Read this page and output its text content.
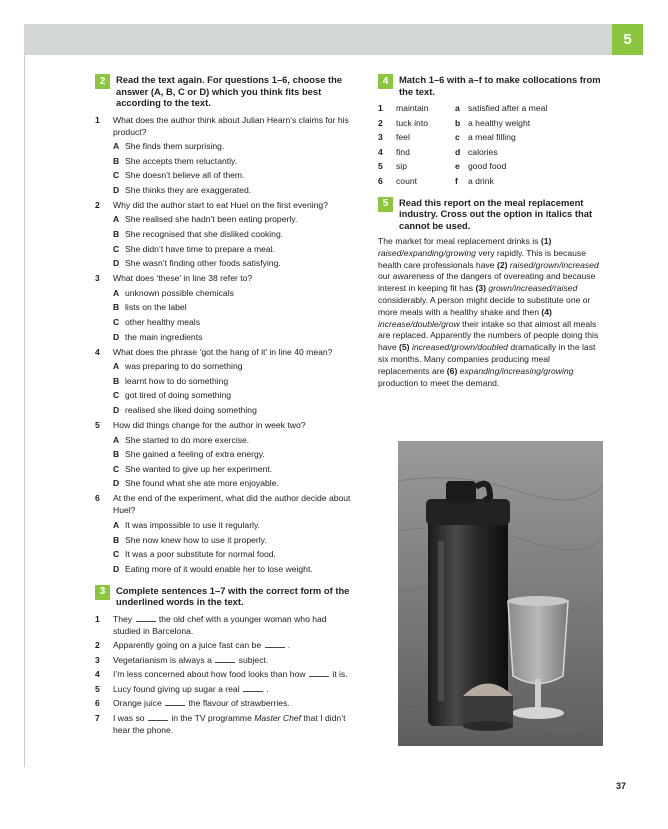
5
2 Read the text again. For questions 1–6, choose the answer (A, B, C or D) which you think fits best according to the text.
1	What does the author think about Julian Hearn’s claims for his product?
A She finds them surprising.
B She accepts them reluctantly.
C She doesn’t believe all of them.
D She thinks they are exaggerated.
2	Why did the author start to eat Huel on the first evening?
A She realised she hadn’t been eating properly.
B She recognised that she disliked cooking.
C She didn’t have time to prepare a meal.
D She wasn’t finding other foods satisfying.
3	What does ‘these’ in line 38 refer to?
A unknown possible chemicals
B lists on the label
C other healthy meals
D the main ingredients
4	What does the phrase ‘got the hang of it’ in line 40 mean?
A was preparing to do something
B learnt how to do something
C got tired of doing something
D realised she liked doing something
5	How did things change for the author in week two?
A She started to do more exercise.
B She gained a feeling of extra energy.
C She wanted to give up her experiment.
D She found what she ate more enjoyable.
6	At the end of the experiment, what did the author decide about Huel?
A It was impossible to use it regularly.
B She now knew how to use it properly.
C It was a poor substitute for normal food.
D Eating more of it would enable her to lose weight.
3 Complete sentences 1–7 with the correct form of the underlined words in the text.
1	They	the old chef with a younger woman who had studied in Barcelona.
2	Apparently going on a juice fast can be	.
3	Vegetarianism is always a	subject.
4	I’m less concerned about how food looks than how	it is.
5	Lucy found giving up sugar a real	.
6	Orange juice	the flavour of strawberries.
7	I was so	in the TV programme Master Chef that I didn’t hear the phone.
4 Match 1–6 with a–f to make collocations from the text.
1	maintain	a satisfied after a meal
2	tuck into	b a healthy weight
3	feel	c a meal filling
4	find	d calories
5	sip	e good food
6	count	f	a drink
5 Read this report on the meal replacement industry. Cross out the option in italics that cannot be used.
The market for meal replacement drinks is (1) raised/expanding/growing very rapidly. This is because health care professionals have (2) raised/grown/increased our awareness of the dangers of overeating and because interest in keeping fit has (3) grown/increased/raised considerably. A person might decide to substitute one or more meals with a healthy shake and then (4) increase/double/grow their intake so that almost all meals are replaced. Apparently the numbers of people doing this have (5) increased/grown/doubled dramatically in the last six months. Many companies producing meal replacements are (6) expanding/increasing/growing production to meet the demand.
37
